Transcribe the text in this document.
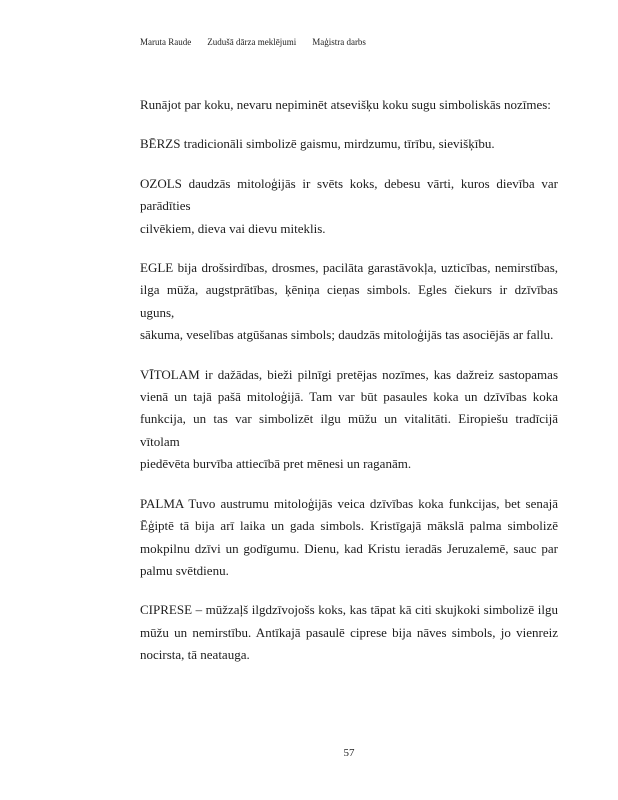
Maruta Raude Zudušā dārza meklējumi Maģistra darbs
Runājot par koku, nevaru nepiminēt atsevišķu koku sugu simboliskās nozīmes:
BĒRZS tradicionāli simbolizē gaismu, mirdzumu, tīrību, sievišķību.
OZOLS daudzās mitoloģijās ir svēts koks, debesu vārti, kuros dievība var
parādīties
cilvēkiem, dieva vai dievu miteklis.
EGLE bija drošsirdības, drosmes, pacilāta garastāvokļa, uzticības, nemirstības,
ilga mūža, augstprātības, ķēniņa cieņas simbols. Egles čiekurs ir dzīvības uguns,
sākuma, veselības atgūšanas simbols; daudzās mitoloģijās tas asociējās ar fallu.
VĪTOLAM ir dažādas, bieži pilnīgi pretējas nozīmes, kas dažreiz sastopamas
vienā un tajā pašā mitoloģijā. Tam var būt pasaules koka un dzīvības koka
funkcija, un tas var simbolizēt ilgu mūžu un vitalitāti. Eiropiešu tradīcijā vītolam
piedēvēta burvība attiecībā pret mēnesi un raganām.
PALMA Tuvo austrumu mitoloģijās veica dzīvības koka funkcijas, bet senajā
Ēģiptē tā bija arī laika un gada simbols. Kristīgajā mākslā palma simbolizē
mokpilnu dzīvi un godīgumu. Dienu, kad Kristu ieradās Jeruzalemē, sauc par
palmu svētdienu.
CIPRESE – mūžzaļš ilgdzīvojošs koks, kas tāpat kā citi skujkoki simbolizē ilgu
mūžu un nemirstību. Antīkajā pasaulē ciprese bija nāves simbols, jo vienreiz
nocirsta, tā neatauga.
57
